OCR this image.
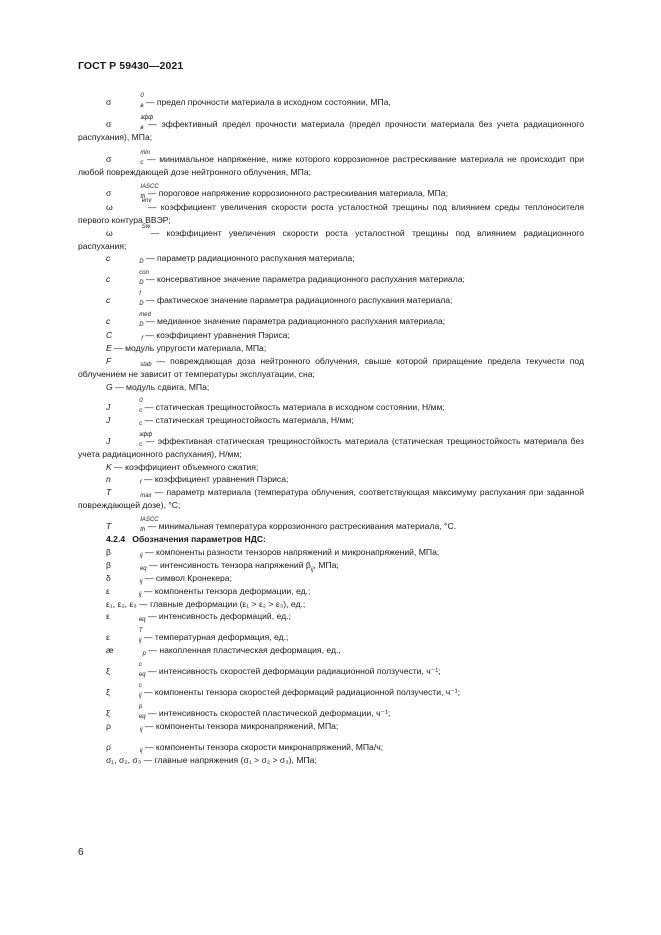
ГОСТ Р 59430—2021
σ
0
в — предел прочности материала в исходном состоянии, МПа,
σ
эфф
в — эффективный предел прочности материала (предел прочности материала без учета радиационного распухания), МПа;
σ
min
c — минимальное напряжение, ниже которого коррозионное растрескивание материала не происходит при любой повреждающей дозе нейтронного облучения, МПа;
σ
IASCC
th — пороговое напряжение коррозионного растрескивания материала, МПа;
ω
env
— коэффициент увеличения скорости роста усталостной трещины под влиянием среды теплоносителя первого контура ВВЭР;
ω
Sw
— коэффициент увеличения скорости роста усталостной трещины под влиянием радиационного распухания;
c	D — параметр радиационного распухания материала;
c
con
D — консервативное значение параметра радиационного распухания материала;
c
f
D — фактическое значение параметра радиационного распухания материала;
c
med
D — медианное значение параметра радиационного распухания материала;
C	f — коэффициент уравнения Пэриса;
E — модуль упругости материала, МПа;
F	stab — повреждающая доза нейтронного облучения, свыше которой приращение предела текучести под облучением не зависит от температуры эксплуатации, сна;
G — модуль сдвига, МПа;
J
0
c — статическая трещиностойкость материала в исходном состоянии, Н/мм;
J	c — статическая трещиностойкость материала, Н/мм;
J
эфф
c — эффективная статическая трещиностойкость материала (статическая трещиностойкость материала без учета радиационного распухания), Н/мм;
K — коэффициент объемного сжатия;
n	f — коэффициент уравнения Пэриса;
T	max — параметр материала (температура облучения, соответствующая максимуму распухания при заданной повреждающей дозе), °С;
T
IASCC
th — минимальная температура коррозионного растрескивания материала, °С.
4.2.4 Обозначения параметров НДС:
β	ij — компоненты разности тензоров напряжений и микронапряжений, МПа;
β	eq — интенсивность тензора напряжений $\beta_{ij}$, МПа;
δ	ij — символ Кронекера;
ε	ij — компоненты тензора деформации, ед.;
ε₁, ε₂, ε₃ — главные деформации (ε₁ > ε₂ > ε₃), ед.;
ε	eq — интенсивность деформаций, ед.;
ε
T
ij — температурная деформация, ед.;
æ	p — накопленная пластическая деформация, ед.,
ξ̇
c
eq — интенсивность скоростей деформации радиационной ползучести, ч⁻¹;
ξ̇
c
ij — компоненты тензора скоростей деформаций радиационной ползучести, ч⁻¹;
ξ̇
p
eq — интенсивность скоростей пластической деформации, ч⁻¹;
ρ	ij — компоненты тензора микронапряжений, МПа;
ρ̇	ij — компоненты тензора скорости микронапряжений, МПа/ч;
σ₁, σ₂, σ₃ — главные напряжения (σ₁ > σ₂ > σ₃), МПа;
6
